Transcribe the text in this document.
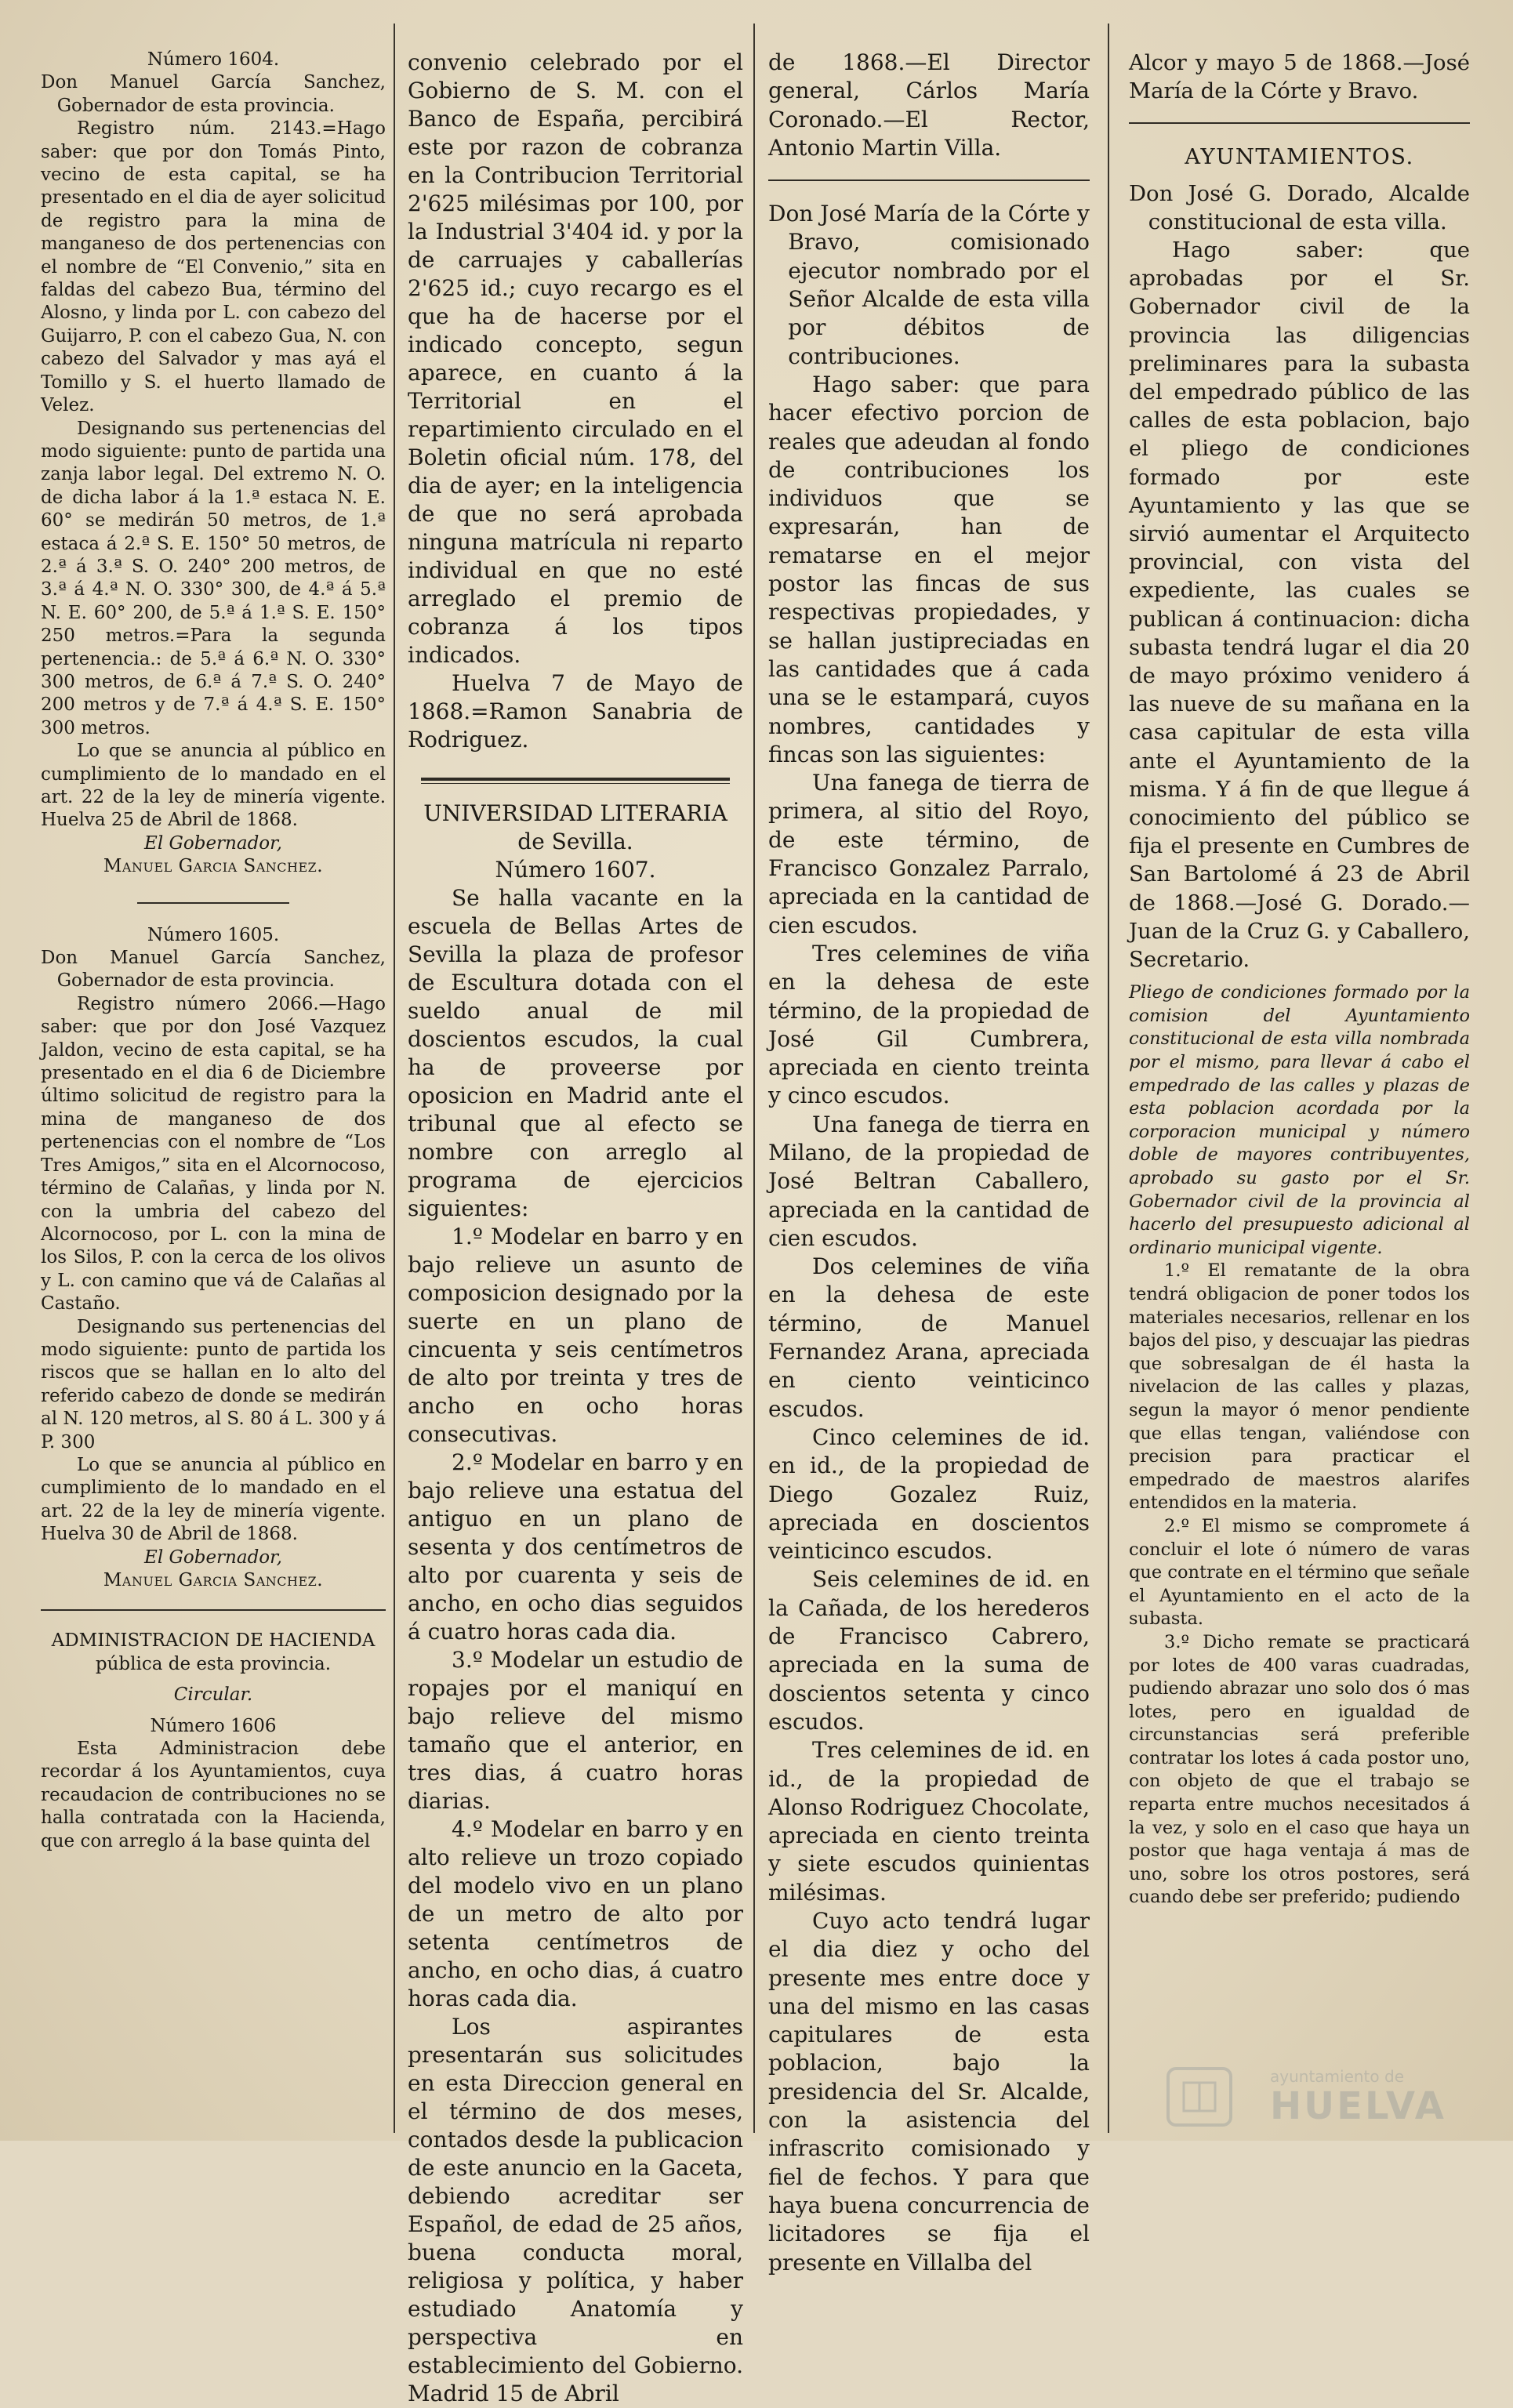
Número 1604.

Don Manuel García Sanchez, Gobernador de esta provincia.

Registro núm. 2143.=Hago saber: que por don Tomás Pinto, vecino de esta capital, se ha presentado en el dia de ayer solicitud de registro para la mina de manganeso de dos pertenencias con el nombre de “El Convenio,” sita en faldas del cabezo Bua, término del Alosno, y linda por L. con cabezo del Guijarro, P. con el cabezo Gua, N. con cabezo del Salvador y mas ayá el Tomillo y S. el huerto llamado de Velez.

Designando sus pertenencias del modo siguiente: punto de partida una zanja labor legal. Del extremo N. O. de dicha labor á la 1.ª estaca N. E. 60° se medirán 50 metros, de 1.ª estaca á 2.ª S. E. 150° 50 metros, de 2.ª á 3.ª S. O. 240° 200 metros, de 3.ª á 4.ª N. O. 330° 300, de 4.ª á 5.ª N. E. 60° 200, de 5.ª á 1.ª S. E. 150° 250 metros.=Para la segunda pertenencia.: de 5.ª á 6.ª N. O. 330° 300 metros, de 6.ª á 7.ª S. O. 240° 200 metros y de 7.ª á 4.ª S. E. 150° 300 metros.

Lo que se anuncia al público en cumplimiento de lo mandado en el art. 22 de la ley de minería vigente. Huelva 25 de Abril de 1868.

El Gobernador,

Manuel Garcia Sanchez.

Número 1605.

Don Manuel García Sanchez, Gobernador de esta provincia.

Registro número 2066.—Hago saber: que por don José Vazquez Jaldon, vecino de esta capital, se ha presentado en el dia 6 de Diciembre último solicitud de registro para la mina de manganeso de dos pertenencias con el nombre de “Los Tres Amigos,” sita en el Alcornocoso, término de Calañas, y linda por N. con la umbria del cabezo del Alcornocoso, por L. con la mina de los Silos, P. con la cerca de los olivos y L. con camino que vá de Calañas al Castaño.

Designando sus pertenencias del modo siguiente: punto de partida los riscos que se hallan en lo alto del referido cabezo de donde se medirán al N. 120 metros, al S. 80 á L. 300 y á P. 300

Lo que se anuncia al público en cumplimiento de lo mandado en el art. 22 de la ley de minería vigente. Huelva 30 de Abril de 1868.

El Gobernador,

Manuel Garcia Sanchez.

ADMINISTRACION DE HACIENDA

pública de esta provincia.

Circular.

Número 1606

Esta Administracion debe recordar á los Ayuntamientos, cuya recaudacion de contribuciones no se halla contratada con la Hacienda, que con arreglo á la base quinta del

convenio celebrado por el Gobierno de S. M. con el Banco de España, percibirá este por razon de cobranza en la Contribucion Territorial 2'625 milésimas por 100, por la Industrial 3'404 id. y por la de carruajes y caballerías 2'625 id.; cuyo recargo es el que ha de hacerse por el indicado concepto, segun aparece, en cuanto á la Territorial en el repartimiento circulado en el Boletin oficial núm. 178, del dia de ayer; en la inteligencia de que no será aprobada ninguna matrícula ni reparto individual en que no esté arreglado el premio de cobranza á los tipos indicados.

Huelva 7 de Mayo de 1868.=Ramon Sanabria de Rodriguez.

UNIVERSIDAD LITERARIA

de Sevilla.

Número 1607.

Se halla vacante en la escuela de Bellas Artes de Sevilla la plaza de profesor de Escultura dotada con el sueldo anual de mil doscientos escudos, la cual ha de proveerse por oposicion en Madrid ante el tribunal que al efecto se nombre con arreglo al programa de ejercicios siguientes:

1.º Modelar en barro y en bajo relieve un asunto de composicion designado por la suerte en un plano de cincuenta y seis centímetros de alto por treinta y tres de ancho en ocho horas consecutivas.

2.º Modelar en barro y en bajo relieve una estatua del antiguo en un plano de sesenta y dos centímetros de alto por cuarenta y seis de ancho, en ocho dias seguidos á cuatro horas cada dia.

3.º Modelar un estudio de ropajes por el maniquí en bajo relieve del mismo tamaño que el anterior, en tres dias, á cuatro horas diarias.

4.º Modelar en barro y en alto relieve un trozo copiado del modelo vivo en un plano de un metro de alto por setenta centímetros de ancho, en ocho dias, á cuatro horas cada dia.

Los aspirantes presentarán sus solicitudes en esta Direccion general en el término de dos meses, contados desde la publicacion de este anuncio en la Gaceta, debiendo acreditar ser Español, de edad de 25 años, buena conducta moral, religiosa y política, y haber estudiado Anatomía y perspectiva en establecimiento del Gobierno. Madrid 15 de Abril

de 1868.—El Director general, Cárlos María Coronado.—El Rector, Antonio Martin Villa.

Don José María de la Córte y Bravo, comisionado ejecutor nombrado por el Señor Alcalde de esta villa por débitos de contribuciones.

Hago saber: que para hacer efectivo porcion de reales que adeudan al fondo de contribuciones los individuos que se expresarán, han de rematarse en el mejor postor las fincas de sus respectivas propiedades, y se hallan justipreciadas en las cantidades que á cada una se le estampará, cuyos nombres, cantidades y fincas son las siguientes:

Una fanega de tierra de primera, al sitio del Royo, de este término, de Francisco Gonzalez Parralo, apreciada en la cantidad de cien escudos.

Tres celemines de viña en la dehesa de este término, de la propiedad de José Gil Cumbrera, apreciada en ciento treinta y cinco escudos.

Una fanega de tierra en Milano, de la propiedad de José Beltran Caballero, apreciada en la cantidad de cien escudos.

Dos celemines de viña en la dehesa de este término, de Manuel Fernandez Arana, apreciada en ciento veinticinco escudos.

Cinco celemines de id. en id., de la propiedad de Diego Gozalez Ruiz, apreciada en doscientos veinticinco escudos.

Seis celemines de id. en la Cañada, de los herederos de Francisco Cabrero, apreciada en la suma de doscientos setenta y cinco escudos.

Tres celemines de id. en id., de la propiedad de Alonso Rodriguez Chocolate, apreciada en ciento treinta y siete escudos quinientas milésimas.

Cuyo acto tendrá lugar el dia diez y ocho del presente mes entre doce y una del mismo en las casas capitulares de esta poblacion, bajo la presidencia del Sr. Alcalde, con la asistencia del infrascrito comisionado y fiel de fechos. Y para que haya buena concurrencia de licitadores se fija el presente en Villalba del

Alcor y mayo 5 de 1868.—José María de la Córte y Bravo.

AYUNTAMIENTOS.

Don José G. Dorado, Alcalde constitucional de esta villa.

Hago saber: que aprobadas por el Sr. Gobernador civil de la provincia las diligencias preliminares para la subasta del empedrado público de las calles de esta poblacion, bajo el pliego de condiciones formado por este Ayuntamiento y las que se sirvió aumentar el Arquitecto provincial, con vista del expediente, las cuales se publican á continuacion: dicha subasta tendrá lugar el dia 20 de mayo próximo venidero á las nueve de su mañana en la casa capitular de esta villa ante el Ayuntamiento de la misma. Y á fin de que llegue á conocimiento del público se fija el presente en Cumbres de San Bartolomé á 23 de Abril de 1868.—José G. Dorado.—Juan de la Cruz G. y Caballero, Secretario.

Pliego de condiciones formado por la comision del Ayuntamiento constitucional de esta villa nombrada por el mismo, para llevar á cabo el empedrado de las calles y plazas de esta poblacion acordada por la corporacion municipal y número doble de mayores contribuyentes, aprobado su gasto por el Sr. Gobernador civil de la provincia al hacerlo del presupuesto adicional al ordinario municipal vigente.

1.º El rematante de la obra tendrá obligacion de poner todos los materiales necesarios, rellenar en los bajos del piso, y descuajar las piedras que sobresalgan de él hasta la nivelacion de las calles y plazas, segun la mayor ó menor pendiente que ellas tengan, valiéndose con precision para practicar el empedrado de maestros alarifes entendidos en la materia.

2.º El mismo se compromete á concluir el lote ó número de varas que contrate en el término que señale el Ayuntamiento en el acto de la subasta.

3.º Dicho remate se practicará por lotes de 400 varas cuadradas, pudiendo abrazar uno solo dos ó mas lotes, pero en igualdad de circunstancias será preferible contratar los lotes á cada postor uno, con objeto de que el trabajo se reparta entre muchos necesitados á la vez, y solo en el caso que haya un postor que haga ventaja á mas de uno, sobre los otros postores, será cuando debe ser preferido; pudiendo

ayuntamiento de
HUELVA
